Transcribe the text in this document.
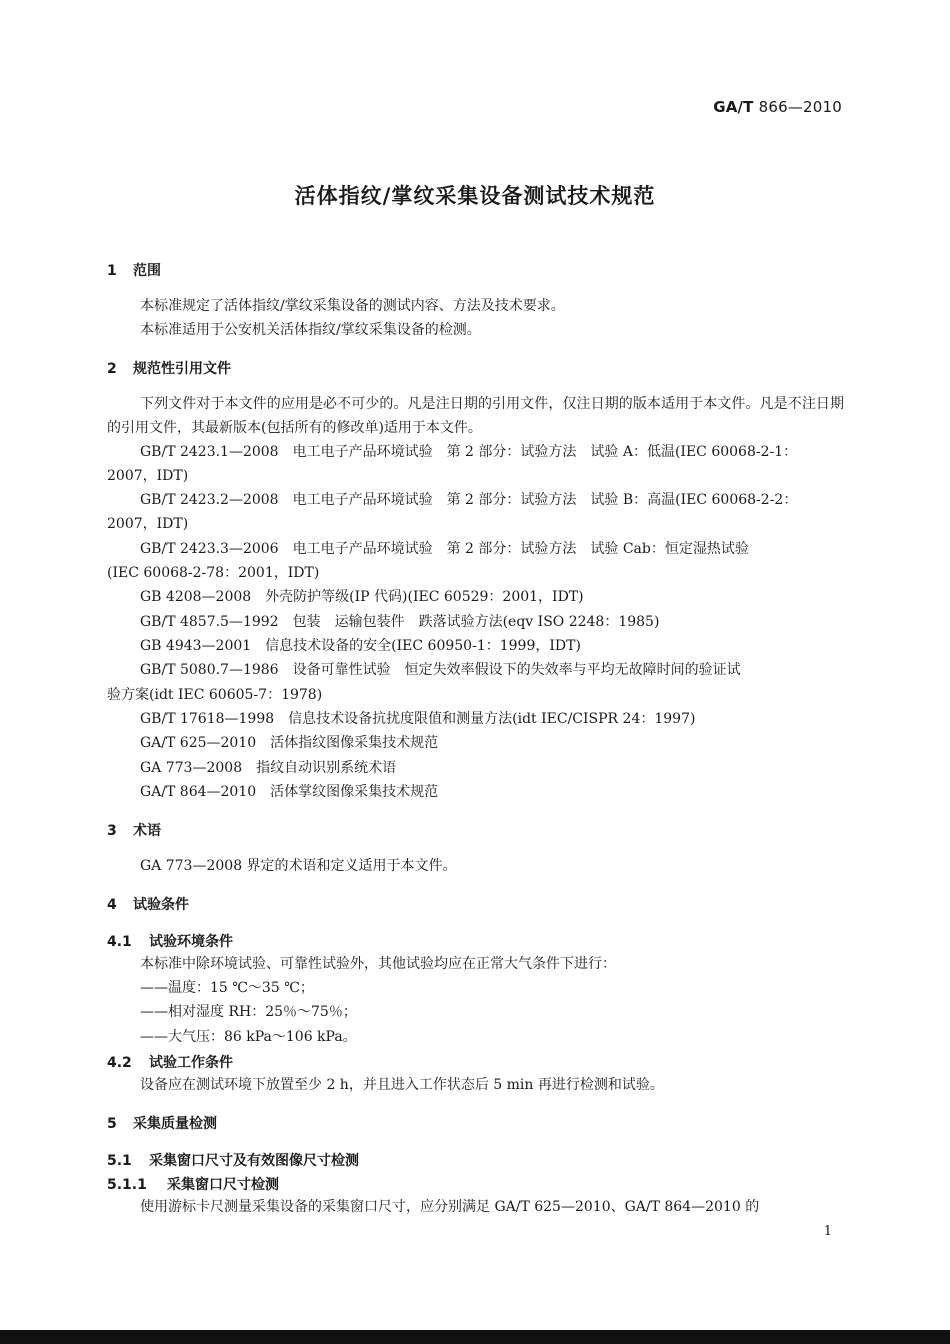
GA/T 866—2010
活体指纹/掌纹采集设备测试技术规范
1 范围
本标准规定了活体指纹/掌纹采集设备的测试内容、方法及技术要求。
本标准适用于公安机关活体指纹/掌纹采集设备的检测。
2 规范性引用文件
下列文件对于本文件的应用是必不可少的。凡是注日期的引用文件，仅注日期的版本适用于本文件。凡是不注日期的引用文件，其最新版本(包括所有的修改单)适用于本文件。
GB/T 2423.1—2008　电工电子产品环境试验　第 2 部分：试验方法　试验 A：低温(IEC 60068-2-1：
2007，IDT)
GB/T 2423.2—2008　电工电子产品环境试验　第 2 部分：试验方法　试验 B：高温(IEC 60068-2-2：
2007，IDT)
GB/T 2423.3—2006　电工电子产品环境试验　第 2 部分：试验方法　试验 Cab：恒定湿热试验
(IEC 60068-2-78：2001，IDT)
GB 4208—2008　外壳防护等级(IP 代码)(IEC 60529：2001，IDT)
GB/T 4857.5—1992　包装　运输包装件　跌落试验方法(eqv ISO 2248：1985)
GB 4943—2001　信息技术设备的安全(IEC 60950-1：1999，IDT)
GB/T 5080.7—1986　设备可靠性试验　恒定失效率假设下的失效率与平均无故障时间的验证试
验方案(idt IEC 60605-7：1978)
GB/T 17618—1998　信息技术设备抗扰度限值和测量方法(idt IEC/CISPR 24：1997)
GA/T 625—2010　活体指纹图像采集技术规范
GA 773—2008　指纹自动识别系统术语
GA/T 864—2010　活体掌纹图像采集技术规范
3 术语
GA 773—2008 界定的术语和定义适用于本文件。
4 试验条件
4.1 试验环境条件
本标准中除环境试验、可靠性试验外，其他试验均应在正常大气条件下进行：
——温度：15 ℃～35 ℃；
——相对湿度 RH：25％～75％；
——大气压：86 kPa～106 kPa。
4.2 试验工作条件
设备应在测试环境下放置至少 2 h，并且进入工作状态后 5 min 再进行检测和试验。
5 采集质量检测
5.1 采集窗口尺寸及有效图像尺寸检测
5.1.1 采集窗口尺寸检测
使用游标卡尺测量采集设备的采集窗口尺寸，应分别满足 GA/T 625—2010、GA/T 864—2010 的
1
